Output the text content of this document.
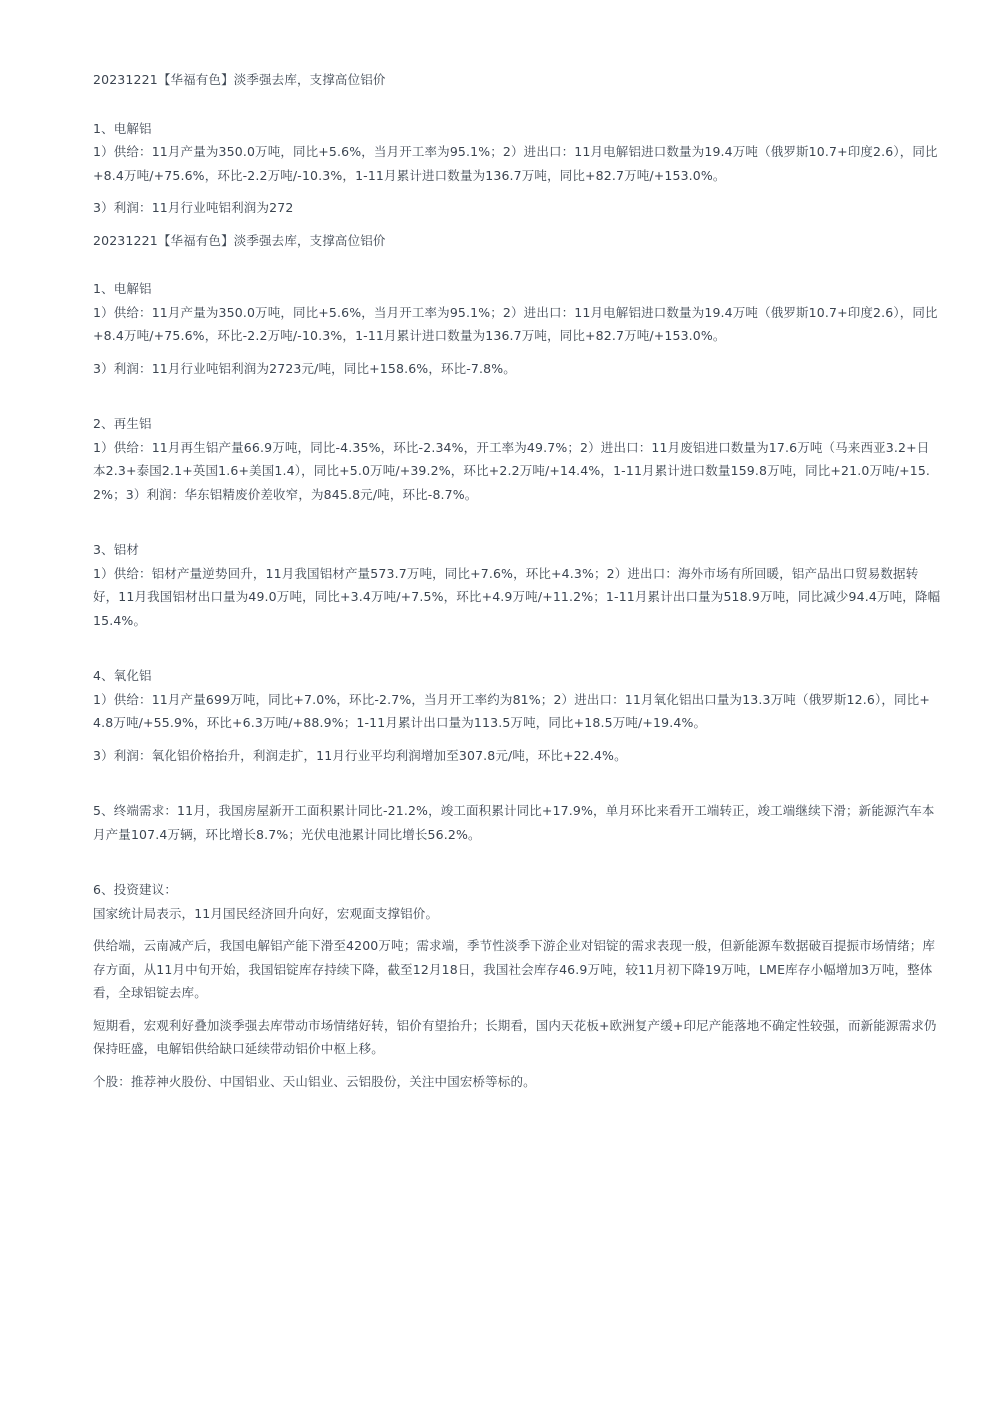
20231221【华福有色】淡季强去库，支撑高位铝价

1、电解铝

1）供给：11月产量为350.0万吨，同比+5.6%，当月开工率为95.1%；2）进出口：11月电解铝进口数量为19.4万吨（俄罗斯10.7+印度2.6），同比+8.4万吨/+75.6%，环比-2.2万吨/-10.3%，1-11月累计进口数量为136.7万吨，同比+82.7万吨/+153.0%。

3）利润：11月行业吨铝利润为272

20231221【华福有色】淡季强去库，支撑高位铝价

1、电解铝

1）供给：11月产量为350.0万吨，同比+5.6%，当月开工率为95.1%；2）进出口：11月电解铝进口数量为19.4万吨（俄罗斯10.7+印度2.6），同比+8.4万吨/+75.6%，环比-2.2万吨/-10.3%，1-11月累计进口数量为136.7万吨，同比+82.7万吨/+153.0%。

3）利润：11月行业吨铝利润为2723元/吨，同比+158.6%，环比-7.8%。

2、再生铝

1）供给：11月再生铝产量66.9万吨，同比-4.35%，环比-2.34%，开工率为49.7%；2）进出口：11月废铝进口数量为17.6万吨（马来西亚3.2+日本2.3+泰国2.1+英国1.6+美国1.4），同比+5.0万吨/+39.2%，环比+2.2万吨/+14.4%，1-11月累计进口数量159.8万吨，同比+21.0万吨/+15.2%；3）利润：华东铝精废价差收窄，为845.8元/吨，环比-8.7%。

3、铝材

1）供给：铝材产量逆势回升，11月我国铝材产量573.7万吨，同比+7.6%，环比+4.3%；2）进出口：海外市场有所回暖，铝产品出口贸易数据转好，11月我国铝材出口量为49.0万吨，同比+3.4万吨/+7.5%，环比+4.9万吨/+11.2%；1-11月累计出口量为518.9万吨，同比减少94.4万吨，降幅15.4%。

4、氧化铝

1）供给：11月产量699万吨，同比+7.0%，环比-2.7%，当月开工率约为81%；2）进出口：11月氧化铝出口量为13.3万吨（俄罗斯12.6），同比+4.8万吨/+55.9%，环比+6.3万吨/+88.9%；1-11月累计出口量为113.5万吨，同比+18.5万吨/+19.4%。

3）利润：氧化铝价格抬升，利润走扩，11月行业平均利润增加至307.8元/吨，环比+22.4%。

5、终端需求：11月，我国房屋新开工面积累计同比-21.2%，竣工面积累计同比+17.9%，单月环比来看开工端转正，竣工端继续下滑；新能源汽车本月产量107.4万辆，环比增长8.7%；光伏电池累计同比增长56.2%。

6、投资建议：

国家统计局表示，11月国民经济回升向好，宏观面支撑铝价。

供给端，云南减产后，我国电解铝产能下滑至4200万吨；需求端，季节性淡季下游企业对铝锭的需求表现一般，但新能源车数据破百提振市场情绪；库存方面，从11月中旬开始，我国铝锭库存持续下降，截至12月18日，我国社会库存46.9万吨，较11月初下降19万吨，LME库存小幅增加3万吨，整体看，全球铝锭去库。

短期看，宏观利好叠加淡季强去库带动市场情绪好转，铝价有望抬升；长期看，国内天花板+欧洲复产缓+印尼产能落地不确定性较强，而新能源需求仍保持旺盛，电解铝供给缺口延续带动铝价中枢上移。

个股：推荐神火股份、中国铝业、天山铝业、云铝股份，关注中国宏桥等标的。
